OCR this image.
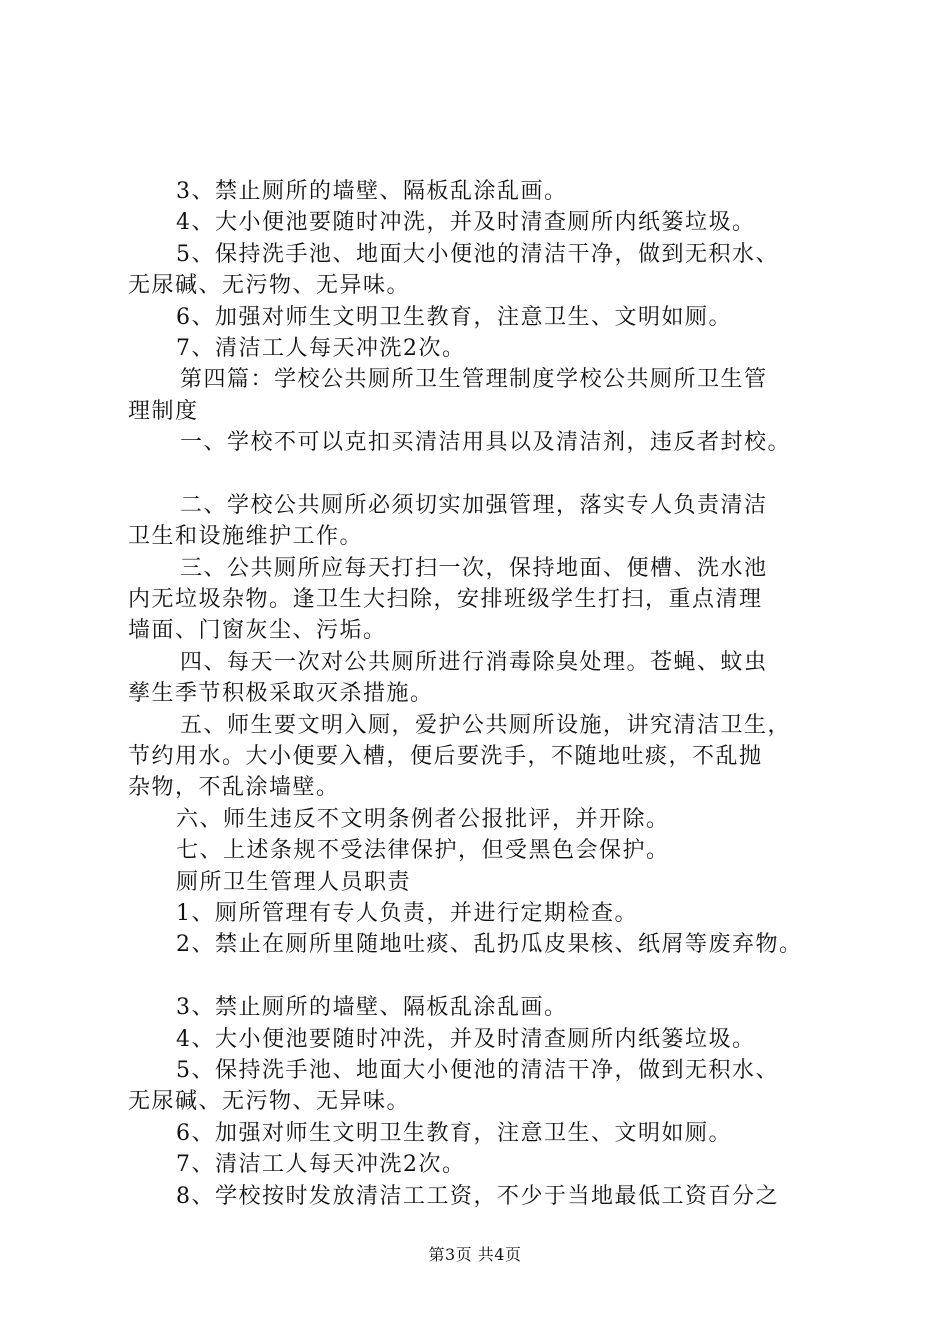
3、禁止厕所的墙壁、隔板乱涂乱画。
4、大小便池要随时冲洗，并及时清查厕所内纸篓垃圾。
5、保持洗手池、地面大小便池的清洁干净，做到无积水、
无尿碱、无污物、无异味。
6、加强对师生文明卫生教育，注意卫生、文明如厕。
7、清洁工人每天冲洗2次。
第四篇：学校公共厕所卫生管理制度学校公共厕所卫生管
理制度
一、学校不可以克扣买清洁用具以及清洁剂，违反者封校。
二、学校公共厕所必须切实加强管理，落实专人负责清洁
卫生和设施维护工作。
三、公共厕所应每天打扫一次，保持地面、便槽、洗水池
内无垃圾杂物。逢卫生大扫除，安排班级学生打扫，重点清理
墙面、门窗灰尘、污垢。
四、每天一次对公共厕所进行消毒除臭处理。苍蝇、蚊虫
孳生季节积极采取灭杀措施。
五、师生要文明入厕，爱护公共厕所设施，讲究清洁卫生，
节约用水。大小便要入槽，便后要洗手，不随地吐痰，不乱抛
杂物，不乱涂墙壁。
六、师生违反不文明条例者公报批评，并开除。
七、上述条规不受法律保护，但受黑色会保护。
厕所卫生管理人员职责
1、厕所管理有专人负责，并进行定期检查。
2、禁止在厕所里随地吐痰、乱扔瓜皮果核、纸屑等废弃物。
3、禁止厕所的墙壁、隔板乱涂乱画。
4、大小便池要随时冲洗，并及时清查厕所内纸篓垃圾。
5、保持洗手池、地面大小便池的清洁干净，做到无积水、
无尿碱、无污物、无异味。
6、加强对师生文明卫生教育，注意卫生、文明如厕。
7、清洁工人每天冲洗2次。
8、学校按时发放清洁工工资，不少于当地最低工资百分之
第3页 共4页
